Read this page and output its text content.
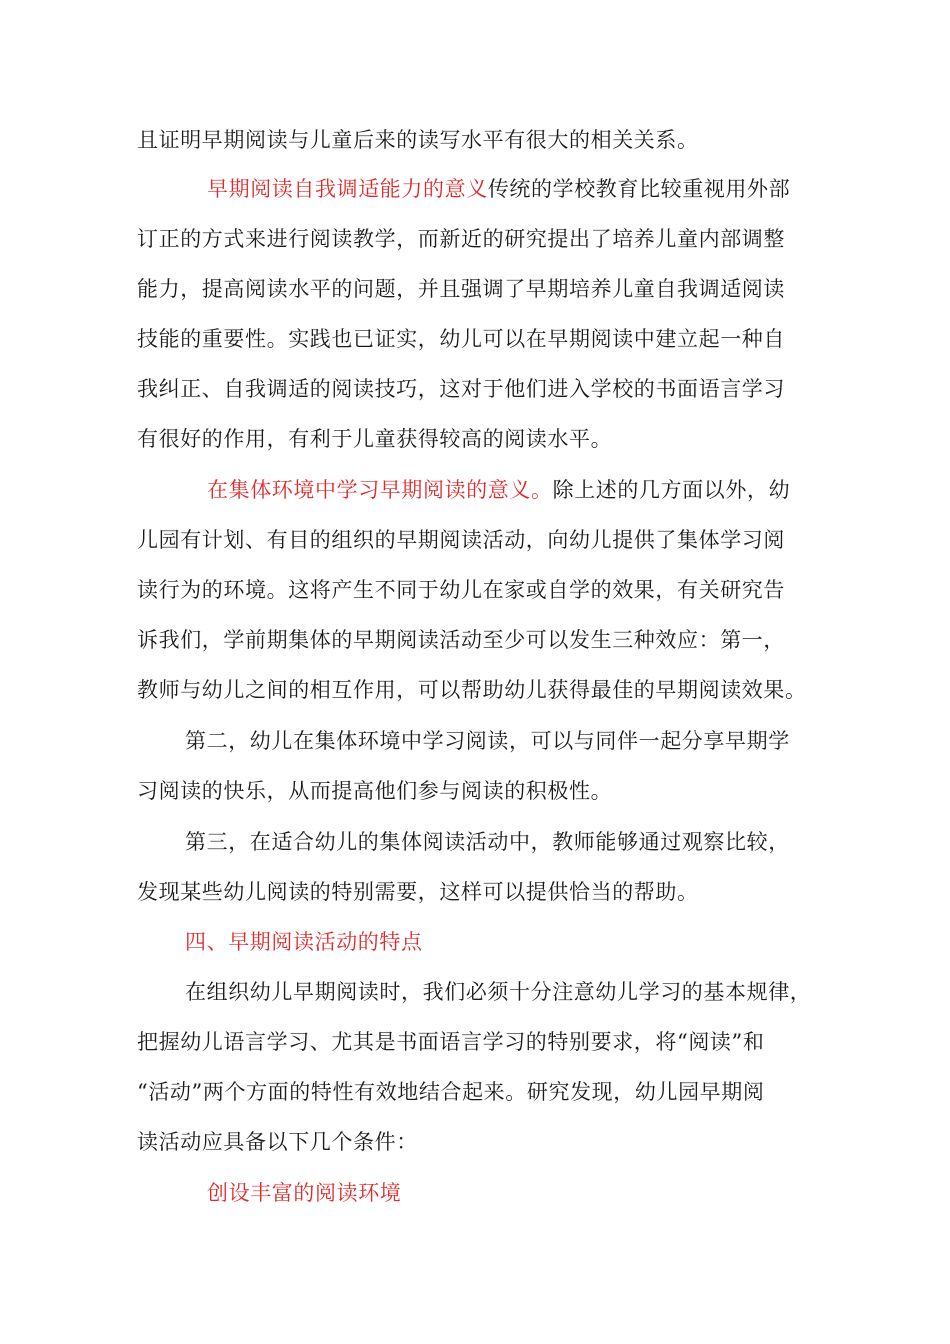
且证明早期阅读与儿童后来的读写水平有很大的相关关系。
早期阅读自我调适能力的意义传统的学校教育比较重视用外部
订正的方式来进行阅读教学，而新近的研究提出了培养儿童内部调整
能力，提高阅读水平的问题，并且强调了早期培养儿童自我调适阅读
技能的重要性。实践也已证实，幼儿可以在早期阅读中建立起一种自
我纠正、自我调适的阅读技巧，这对于他们进入学校的书面语言学习
有很好的作用，有利于儿童获得较高的阅读水平。
在集体环境中学习早期阅读的意义。除上述的几方面以外，幼
儿园有计划、有目的组织的早期阅读活动，向幼儿提供了集体学习阅
读行为的环境。这将产生不同于幼儿在家或自学的效果，有关研究告
诉我们，学前期集体的早期阅读活动至少可以发生三种效应：第一，
教师与幼儿之间的相互作用，可以帮助幼儿获得最佳的早期阅读效果。
第二，幼儿在集体环境中学习阅读，可以与同伴一起分享早期学
习阅读的快乐，从而提高他们参与阅读的积极性。
第三，在适合幼儿的集体阅读活动中，教师能够通过观察比较，
发现某些幼儿阅读的特别需要，这样可以提供恰当的帮助。
四、早期阅读活动的特点
在组织幼儿早期阅读时，我们必须十分注意幼儿学习的基本规律，
把握幼儿语言学习、尤其是书面语言学习的特别要求，将“阅读”和
“活动”两个方面的特性有效地结合起来。研究发现，幼儿园早期阅
读活动应具备以下几个条件：
创设丰富的阅读环境
